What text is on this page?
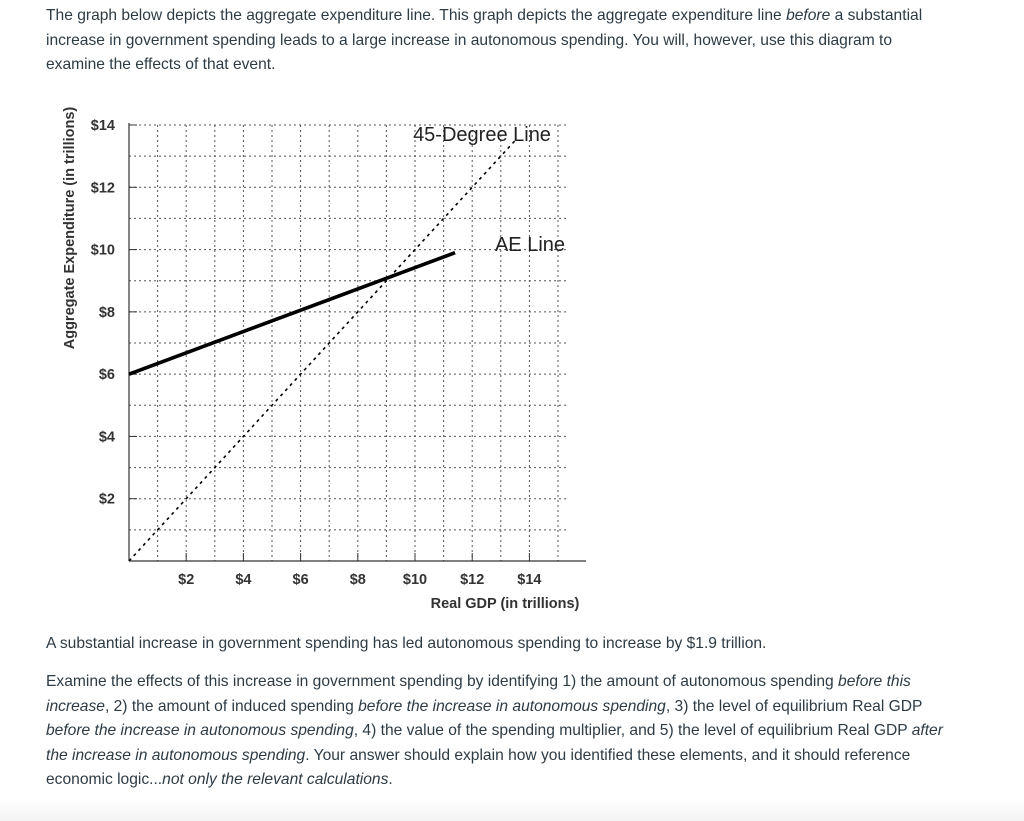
The graph below depicts the aggregate expenditure line. This graph depicts the aggregate expenditure line before a substantial increase in government spending leads to a large increase in autonomous spending. You will, however, use this diagram to examine the effects of that event.

$2	$4	$6	$8	$10 $12 $14
$2
$4
$6
$8
$10
$12
$14
Aggregate Expenditure (in trillions)
Real GDP (in trillions)
45-Degree Line
AE Line

A substantial increase in government spending has led autonomous spending to increase by $1.9 trillion.

Examine the effects of this increase in government spending by identifying 1) the amount of autonomous spending before this increase, 2) the amount of induced spending before the increase in autonomous spending, 3) the level of equilibrium Real GDP before the increase in autonomous spending, 4) the value of the spending multiplier, and 5) the level of equilibrium Real GDP after the increase in autonomous spending. Your answer should explain how you identified these elements, and it should reference economic logic...not only the relevant calculations.
